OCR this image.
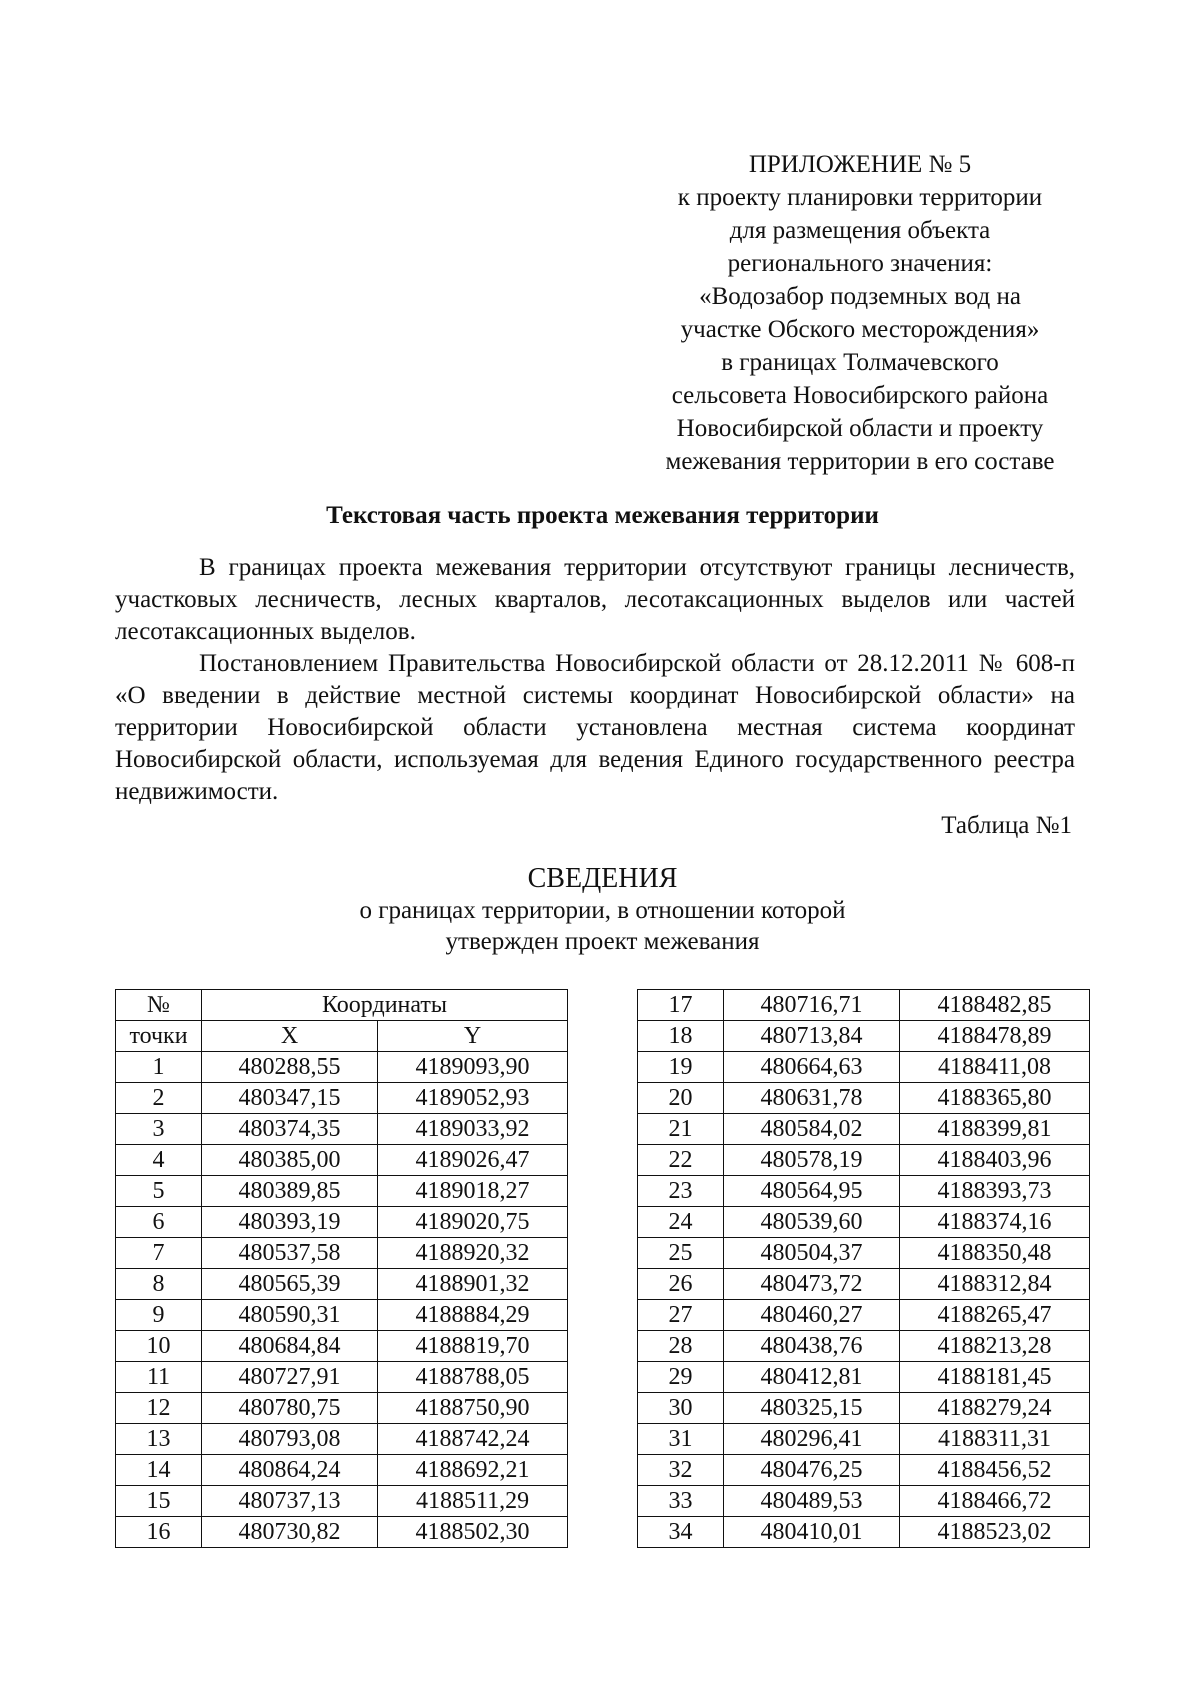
ПРИЛОЖЕНИЕ № 5
к проекту планировки территории
для размещения объекта
регионального значения:
«Водозабор подземных вод на
участке Обского месторождения»
в границах Толмачевского
сельсовета Новосибирского района
Новосибирской области и проекту
межевания территории в его составе
Текстовая часть проекта межевания территории

В границах проекта межевания территории отсутствуют границы лесничеств, участковых лесничеств, лесных кварталов, лесотаксационных выделов или частей лесотаксационных выделов.

Постановлением Правительства Новосибирской области от 28.12.2011 № 608-п «О введении в действие местной системы координат Новосибирской области» на территории Новосибирской области установлена местная система координат Новосибирской области, используемая для ведения Единого государственного реестра недвижимости.

Таблица №1
СВЕДЕНИЯ
о границах территории, в отношении которой
утвержден проект межевания
№	Координаты	
точки	X	Y
1	480288,55	4189093,90
2	480347,15	4189052,93
3	480374,35	4189033,92
4	480385,00	4189026,47
5	480389,85	4189018,27
6	480393,19	4189020,75
7	480537,58	4188920,32
8	480565,39	4188901,32
9	480590,31	4188884,29
10	480684,84	4188819,70
11	480727,91	4188788,05
12	480780,75	4188750,90
13	480793,08	4188742,24
14	480864,24	4188692,21
15	480737,13	4188511,29
16	480730,82	4188502,30
17	480716,71	4188482,85
18	480713,84	4188478,89
19	480664,63	4188411,08
20	480631,78	4188365,80
21	480584,02	4188399,81
22	480578,19	4188403,96
23	480564,95	4188393,73
24	480539,60	4188374,16
25	480504,37	4188350,48
26	480473,72	4188312,84
27	480460,27	4188265,47
28	480438,76	4188213,28
29	480412,81	4188181,45
30	480325,15	4188279,24
31	480296,41	4188311,31
32	480476,25	4188456,52
33	480489,53	4188466,72
34	480410,01	4188523,02
